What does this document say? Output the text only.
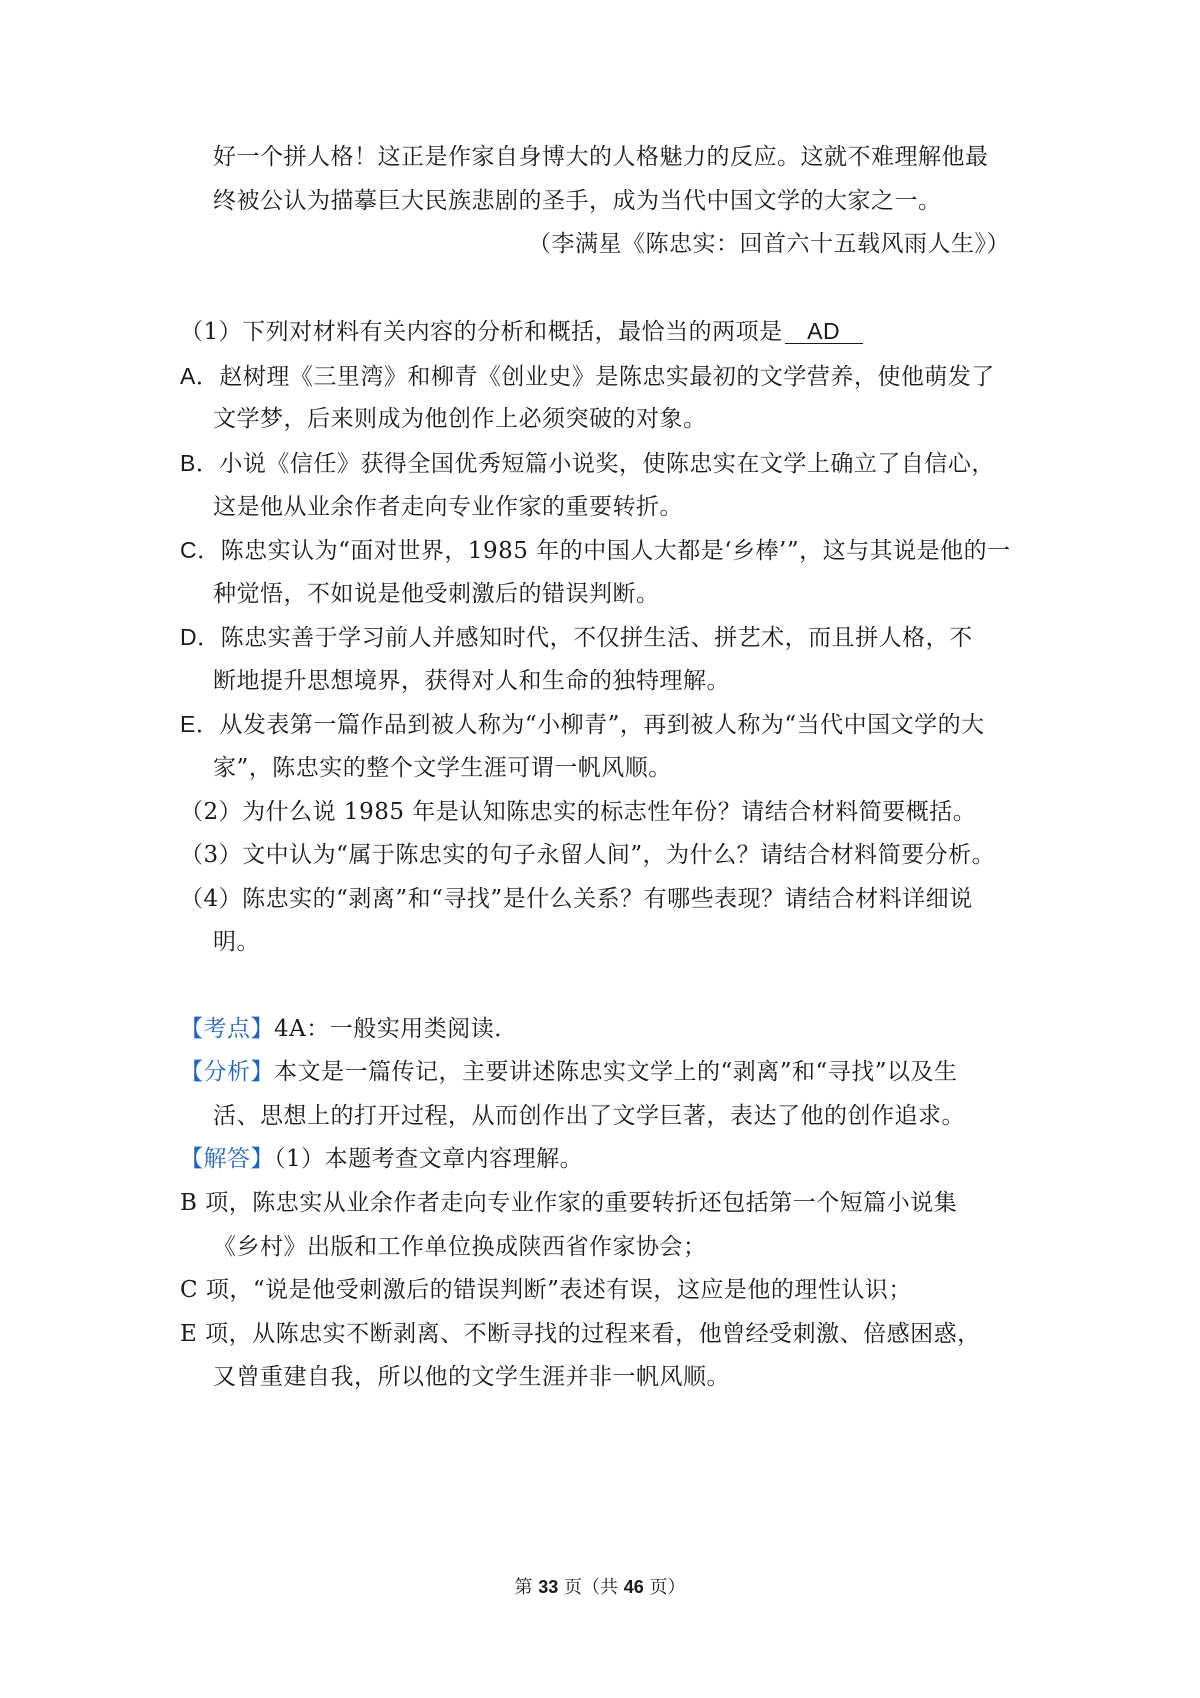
好一个拼人格！这正是作家自身博大的人格魅力的反应。这就不难理解他最
终被公认为描摹巨大民族悲剧的圣手，成为当代中国文学的大家之一。
（李满星《陈忠实：回首六十五载风雨人生》）
（1）下列对材料有关内容的分析和概括，最恰当的两项是 AD
A．赵树理《三里湾》和柳青《创业史》是陈忠实最初的文学营养，使他萌发了
文学梦，后来则成为他创作上必须突破的对象。
B．小说《信任》获得全国优秀短篇小说奖，使陈忠实在文学上确立了自信心，
这是他从业余作者走向专业作家的重要转折。
C．陈忠实认为“面对世界，1985 年的中国人大都是‘乡棒’”，这与其说是他的一
种觉悟，不如说是他受刺激后的错误判断。
D．陈忠实善于学习前人并感知时代，不仅拼生活、拼艺术，而且拼人格，不
断地提升思想境界，获得对人和生命的独特理解。
E．从发表第一篇作品到被人称为“小柳青”，再到被人称为“当代中国文学的大
家”，陈忠实的整个文学生涯可谓一帆风顺。
（2）为什么说 1985 年是认知陈忠实的标志性年份？请结合材料简要概括。
（3）文中认为“属于陈忠实的句子永留人间”，为什么？请结合材料简要分析。
（4）陈忠实的“剥离”和“寻找”是什么关系？有哪些表现？请结合材料详细说
明。
【考点】4A：一般实用类阅读．
【分析】本文是一篇传记，主要讲述陈忠实文学上的“剥离”和“寻找”以及生
活、思想上的打开过程，从而创作出了文学巨著，表达了他的创作追求。
【解答】（1）本题考查文章内容理解。
B 项，陈忠实从业余作者走向专业作家的重要转折还包括第一个短篇小说集
《乡村》出版和工作单位换成陕西省作家协会；
C 项，“说是他受刺激后的错误判断”表述有误，这应是他的理性认识；
E 项，从陈忠实不断剥离、不断寻找的过程来看，他曾经受刺激、倍感困惑，
又曾重建自我，所以他的文学生涯并非一帆风顺。
第 33 页（共 46 页）
